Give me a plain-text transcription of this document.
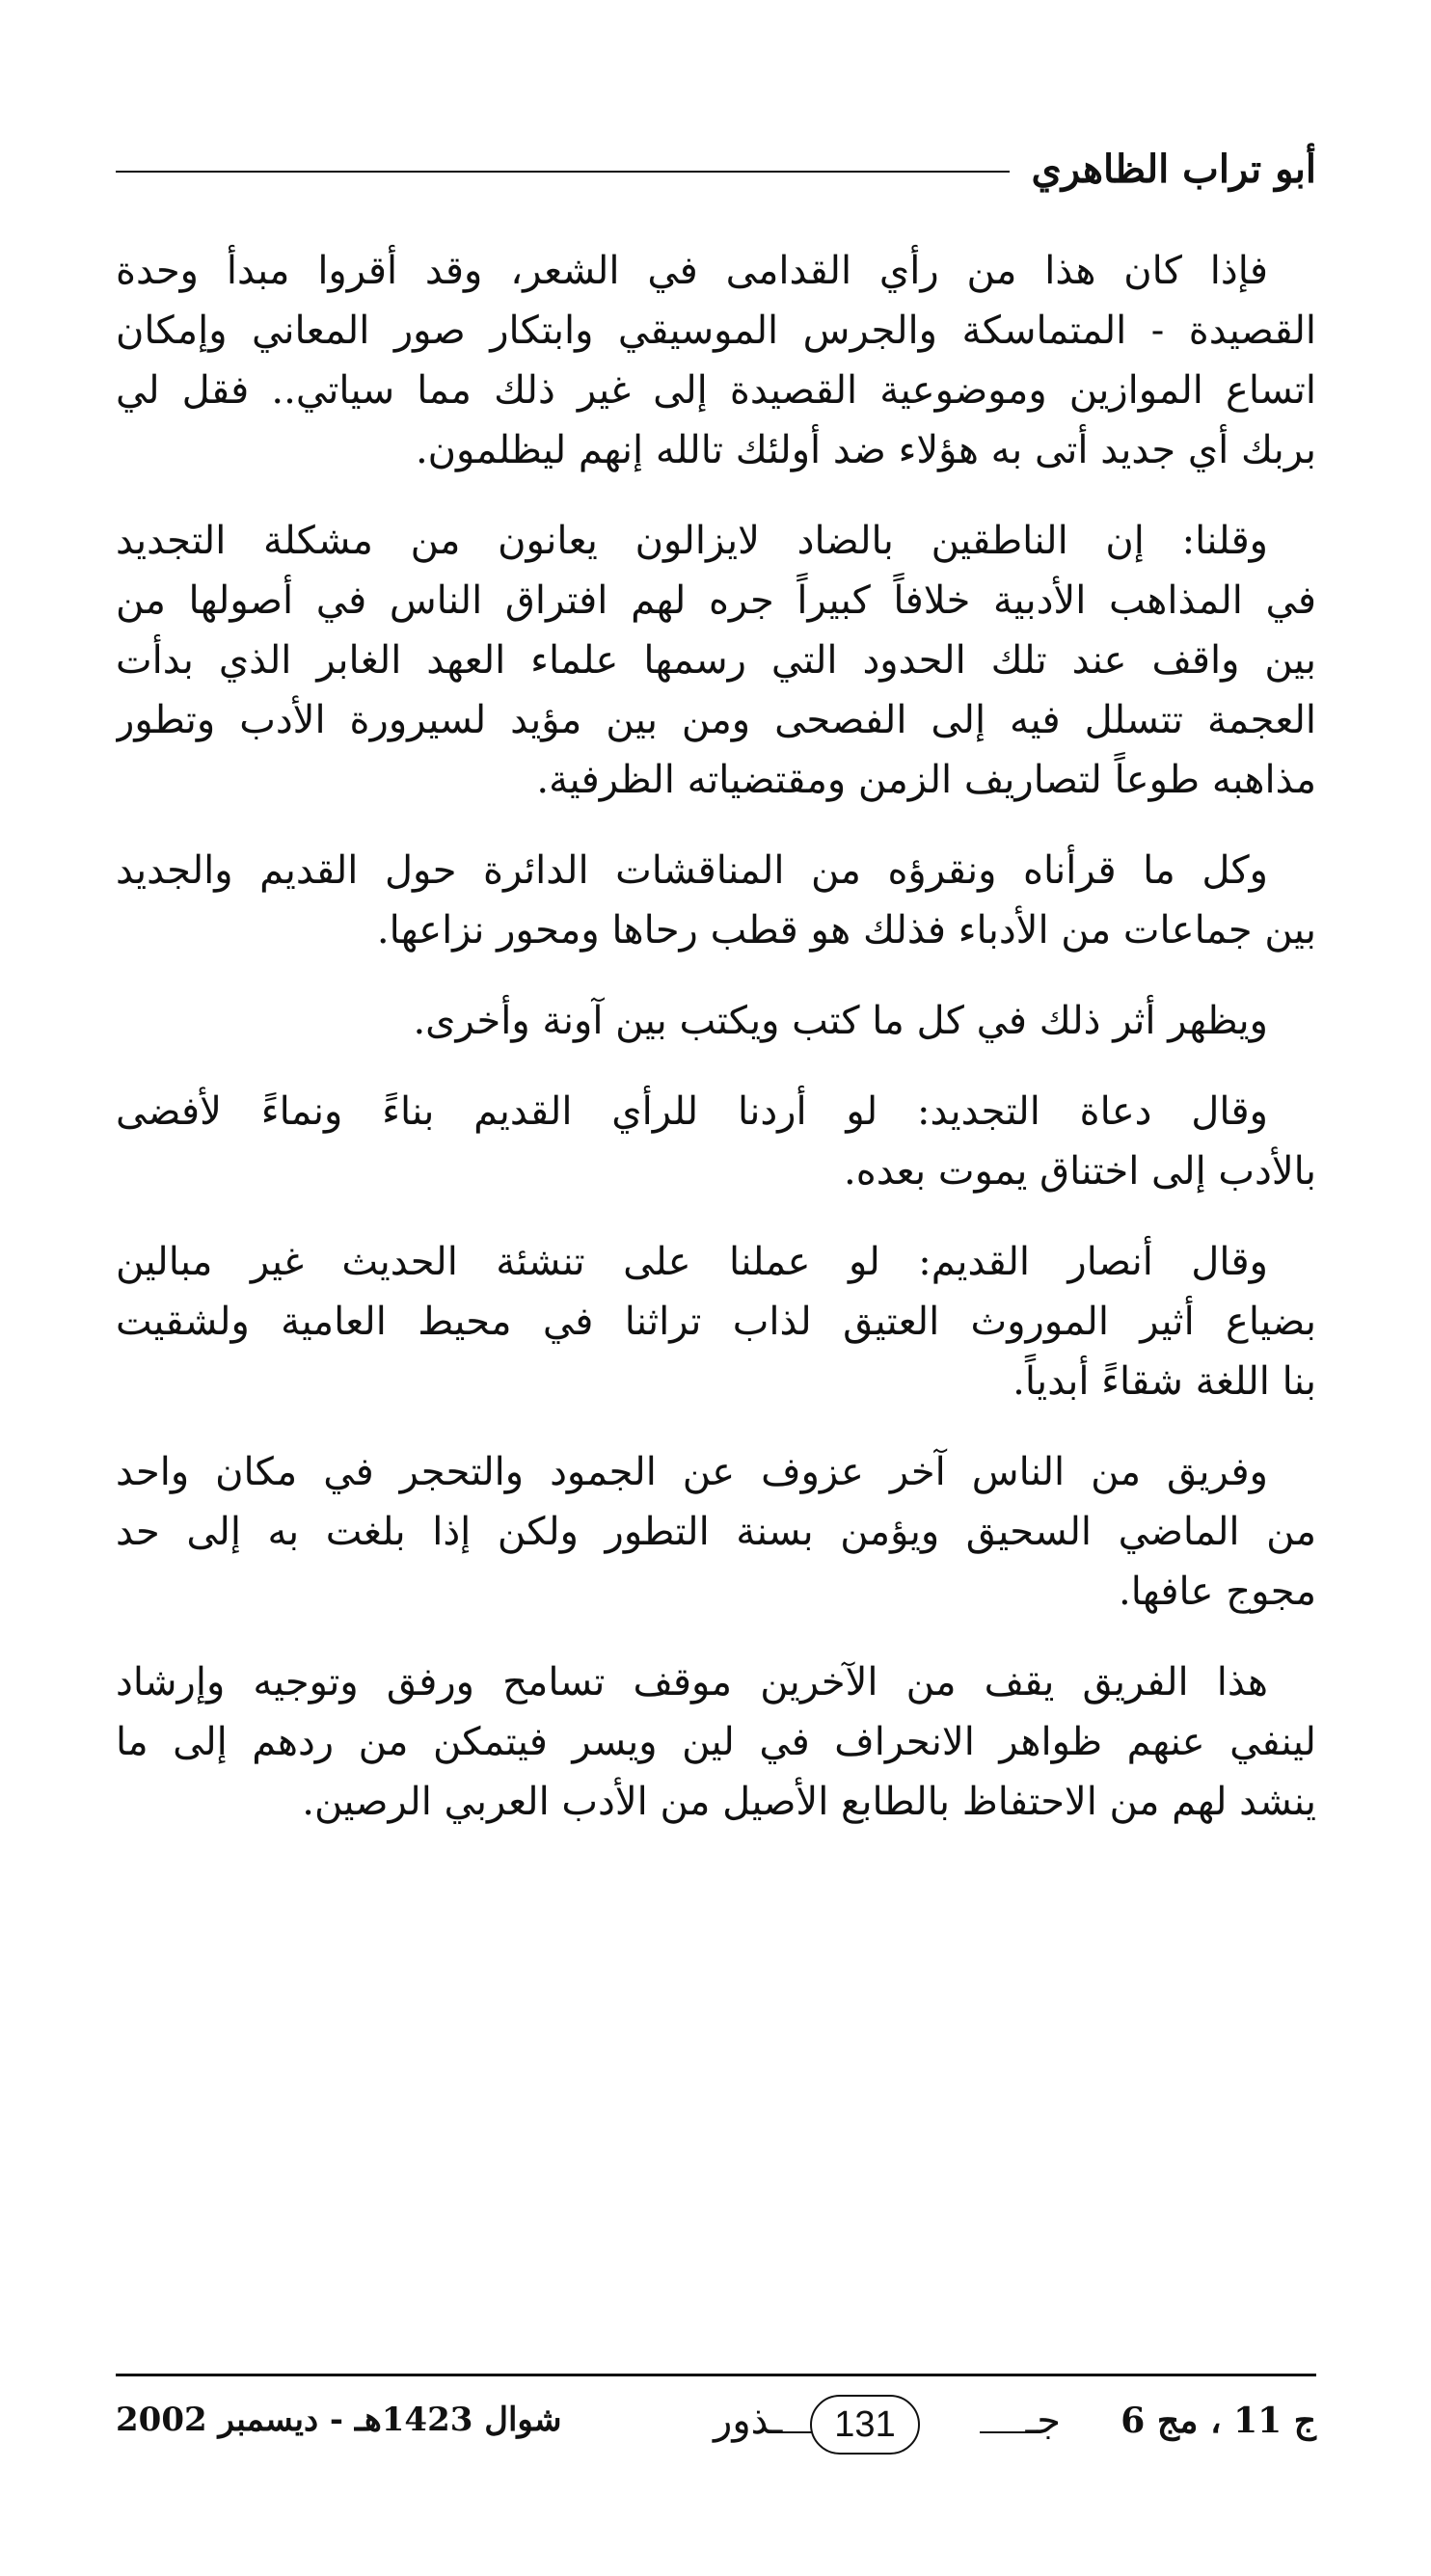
أبو تراب الظاهري
فإذا كان هذا من رأي القدامى في الشعر، وقد أقروا مبدأ وحدة
القصيدة - المتماسكة والجرس الموسيقي وابتكار صور المعاني وإمكان
اتساع الموازين وموضوعية القصيدة إلى غير ذلك مما سياتي.. فقل لي
بربك أي جديد أتى به هؤلاء ضد أولئك تالله إنهم ليظلمون.
وقلنا: إن الناطقين بالضاد لايزالون يعانون من مشكلة التجديد
في المذاهب الأدبية خلافاً كبيراً جره لهم افتراق الناس في أصولها من
بين واقف عند تلك الحدود التي رسمها علماء العهد الغابر الذي بدأت
العجمة تتسلل فيه إلى الفصحى ومن بين مؤيد لسيرورة الأدب وتطور
مذاهبه طوعاً لتصاريف الزمن ومقتضياته الظرفية.
وكل ما قرأناه ونقرؤه من المناقشات الدائرة حول القديم والجديد
بين جماعات من الأدباء فذلك هو قطب رحاها ومحور نزاعها.
ويظهر أثر ذلك في كل ما كتب ويكتب بين آونة وأخرى.
وقال دعاة التجديد: لو أردنا للرأي القديم بناءً ونماءً لأفضى
بالأدب إلى اختناق يموت بعده.
وقال أنصار القديم: لو عملنا على تنشئة الحديث غير مبالين
بضياع أثير الموروث العتيق لذاب تراثنا في محيط العامية ولشقيت
بنا اللغة شقاءً أبدياً.
وفريق من الناس آخر عزوف عن الجمود والتحجر في مكان واحد
من الماضي السحيق ويؤمن بسنة التطور ولكن إذا بلغت به إلى حد
مجوج عافها.
هذا الفريق يقف من الآخرين موقف تسامح ورفق وتوجيه وإرشاد
لينفي عنهم ظواهر الانحراف في لين ويسر فيتمكن من ردهم إلى ما
ينشد لهم من الاحتفاظ بالطابع الأصيل من الأدب العربي الرصين.
ج 11 ، مج 6
جـ
131
ـذور
شوال 1423هـ - ديسمبر 2002
